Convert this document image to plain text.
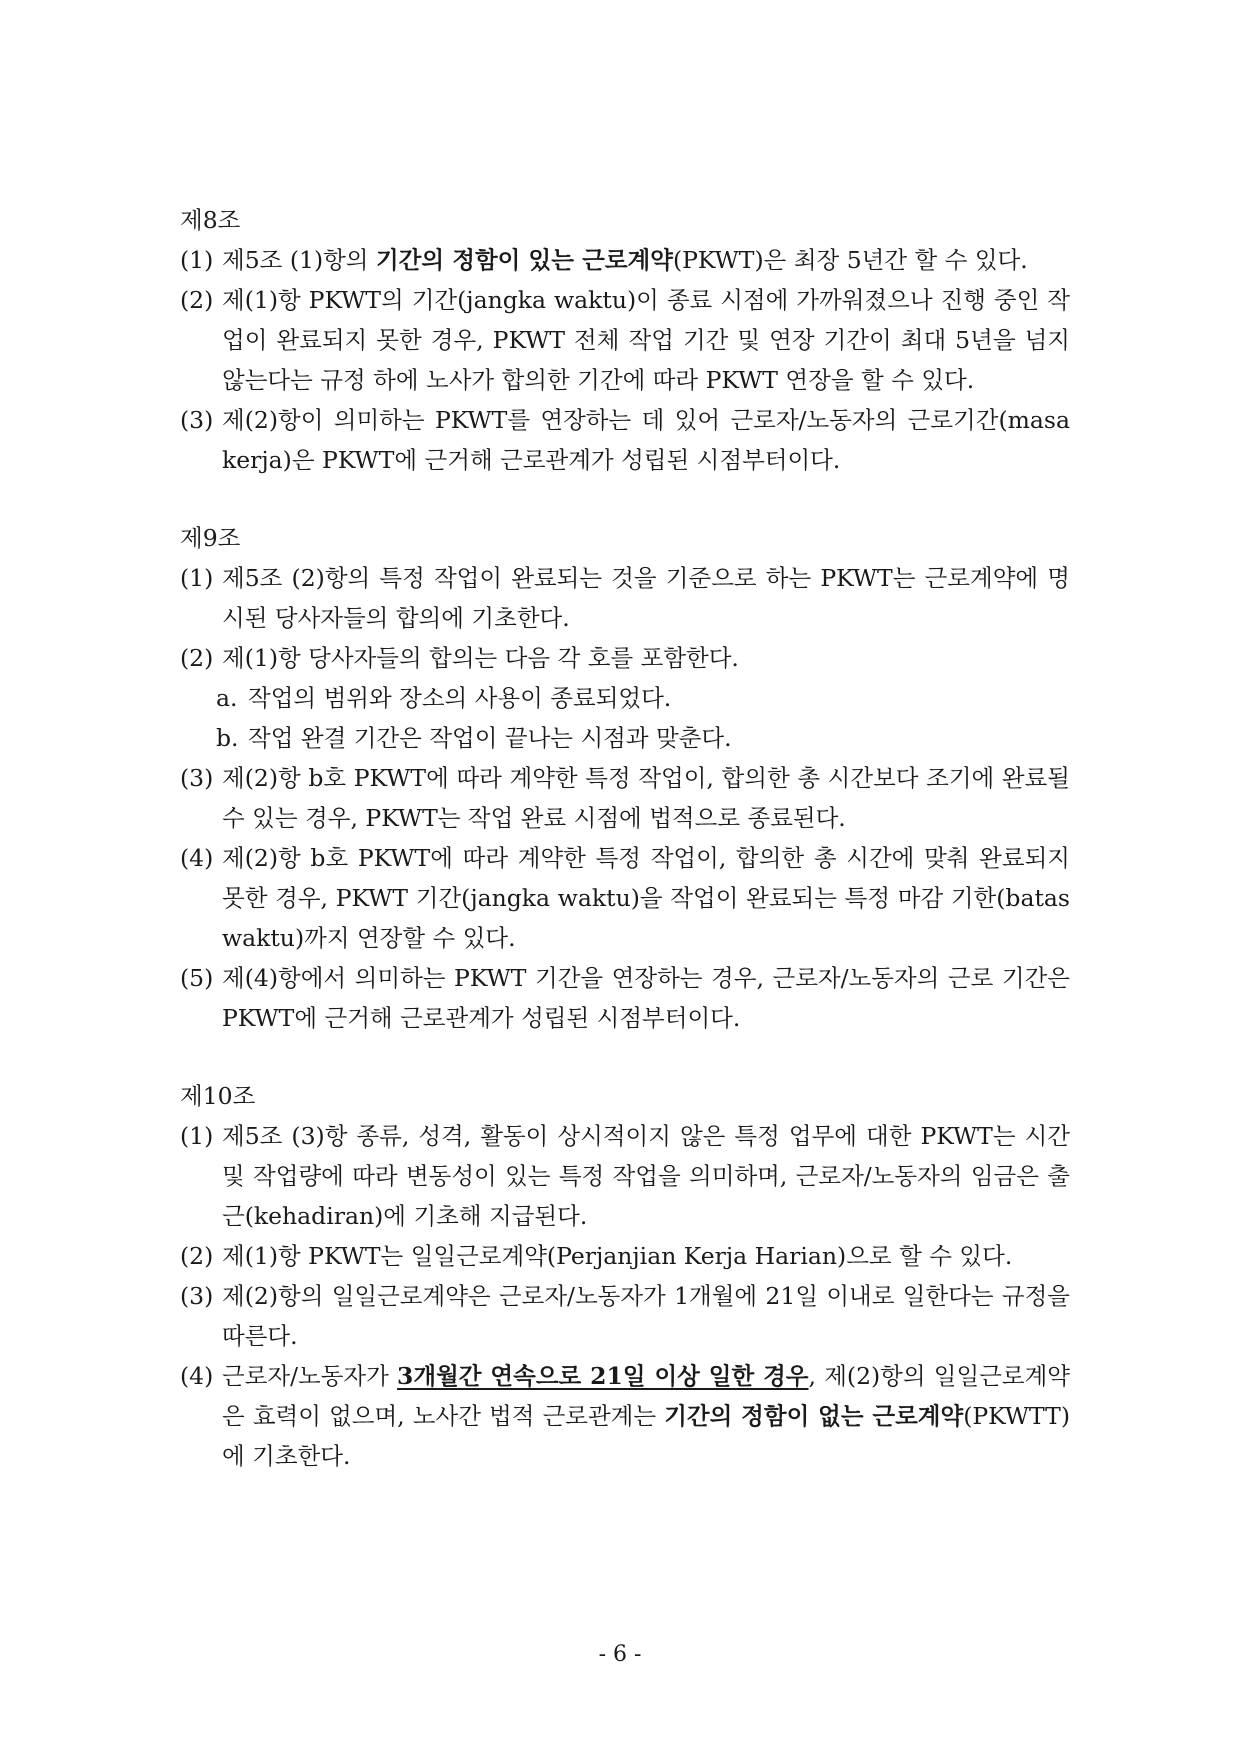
제8조
(1) 제5조 (1)항의 기간의 정함이 있는 근로계약(PKWT)은 최장 5년간 할 수 있다.
(2) 제(1)항 PKWT의 기간(jangka waktu)이 종료 시점에 가까워졌으나 진행 중인 작업이 완료되지 못한 경우, PKWT 전체 작업 기간 및 연장 기간이 최대 5년을 넘지 않는다는 규정 하에 노사가 합의한 기간에 따라 PKWT 연장을 할 수 있다.
(3) 제(2)항이 의미하는 PKWT를 연장하는 데 있어 근로자/노동자의 근로기간(masa kerja)은 PKWT에 근거해 근로관계가 성립된 시점부터이다.
제9조
(1) 제5조 (2)항의 특정 작업이 완료되는 것을 기준으로 하는 PKWT는 근로계약에 명시된 당사자들의 합의에 기초한다.
(2) 제(1)항 당사자들의 합의는 다음 각 호를 포함한다.
a. 작업의 범위와 장소의 사용이 종료되었다.
b. 작업 완결 기간은 작업이 끝나는 시점과 맞춘다.
(3) 제(2)항 b호 PKWT에 따라 계약한 특정 작업이, 합의한 총 시간보다 조기에 완료될 수 있는 경우, PKWT는 작업 완료 시점에 법적으로 종료된다.
(4) 제(2)항 b호 PKWT에 따라 계약한 특정 작업이, 합의한 총 시간에 맞춰 완료되지 못한 경우, PKWT 기간(jangka waktu)을 작업이 완료되는 특정 마감 기한(batas waktu)까지 연장할 수 있다.
(5) 제(4)항에서 의미하는 PKWT 기간을 연장하는 경우, 근로자/노동자의 근로 기간은 PKWT에 근거해 근로관계가 성립된 시점부터이다.
제10조
(1) 제5조 (3)항 종류, 성격, 활동이 상시적이지 않은 특정 업무에 대한 PKWT는 시간 및 작업량에 따라 변동성이 있는 특정 작업을 의미하며, 근로자/노동자의 임금은 출근(kehadiran)에 기초해 지급된다.
(2) 제(1)항 PKWT는 일일근로계약(Perjanjian Kerja Harian)으로 할 수 있다.
(3) 제(2)항의 일일근로계약은 근로자/노동자가 1개월에 21일 이내로 일한다는 규정을 따른다.
(4) 근로자/노동자가 3개월간 연속으로 21일 이상 일한 경우, 제(2)항의 일일근로계약은 효력이 없으며, 노사간 법적 근로관계는 기간의 정함이 없는 근로계약(PKWTT)에 기초한다.
- 6 -
